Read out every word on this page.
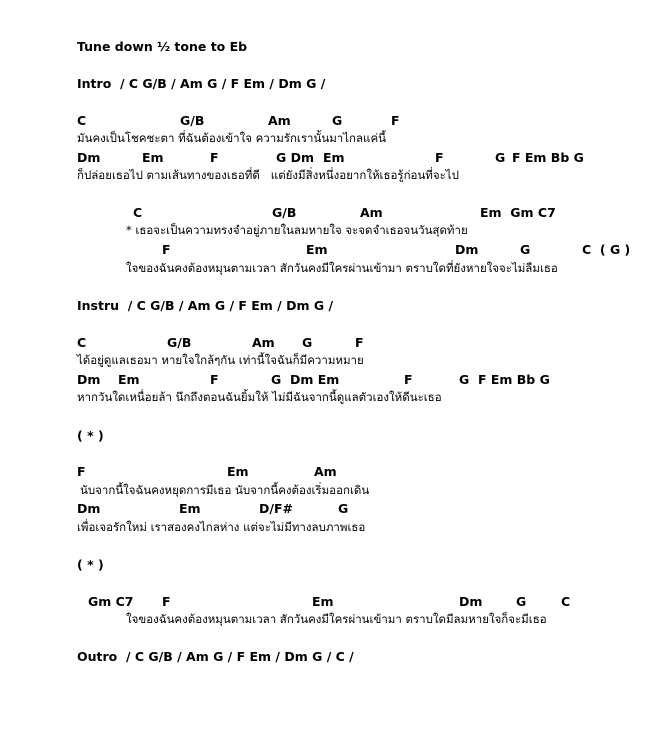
Tune down ½ tone to Eb
Intro  / C G/B / Am G / F Em / Dm G /
C	G/B	Am	G	F
มันคงเป็นโชคชะตา ที่ฉันต้องเข้าใจ ความรักเรานั้นมาไกลแค่นี้
Dm	Em	F	G Dm Em	F	G F Em Bb G
ก็ปล่อยเธอไป ตามเส้นทางของเธอที่ดี   แต่ยังมีสิ่งหนึ่งอยากให้เธอรู้ก่อนที่จะไป
C	G/B	Am	Em  Gm C7
* เธอจะเป็นความทรงจำอยู่ภายในลมหายใจ จะจดจำเธอจนวันสุดท้าย
F	Em	Dm	G	C  ( G )
ใจของฉันคงต้องหมุนตามเวลา สักวันคงมีใครผ่านเข้ามา ตราบใดที่ยังหายใจจะไม่ลืมเธอ
Instru  / C G/B / Am G / F Em / Dm G /
C	G/B	Am G	F
ได้อยู่ดูแลเธอมา หายใจใกล้ๆกัน เท่านี้ใจฉันก็มีความหมาย
Dm Em	F	G  Dm Em	F	G  F Em Bb G
หากวันใดเหนื่อยล้า นึกถึงตอนฉันยิ้มให้ ไม่มีฉันจากนี้ดูแลตัวเองให้ดีนะเธอ
( * )
F	Em	Am
นับจากนี้ใจฉันคงหยุดการมีเธอ นับจากนี้คงต้องเริ่มออกเดิน
Dm	Em	D/F#	G
เพื่อเจอรักใหม่ เราสองคงไกลห่าง แต่จะไม่มีทางลบภาพเธอ
( * )
Gm C7 F	Em	Dm	G	C
ใจของฉันคงต้องหมุนตามเวลา สักวันคงมีใครผ่านเข้ามา ตราบใดมีลมหายใจก็จะมีเธอ
Outro  / C G/B / Am G / F Em / Dm G / C /
